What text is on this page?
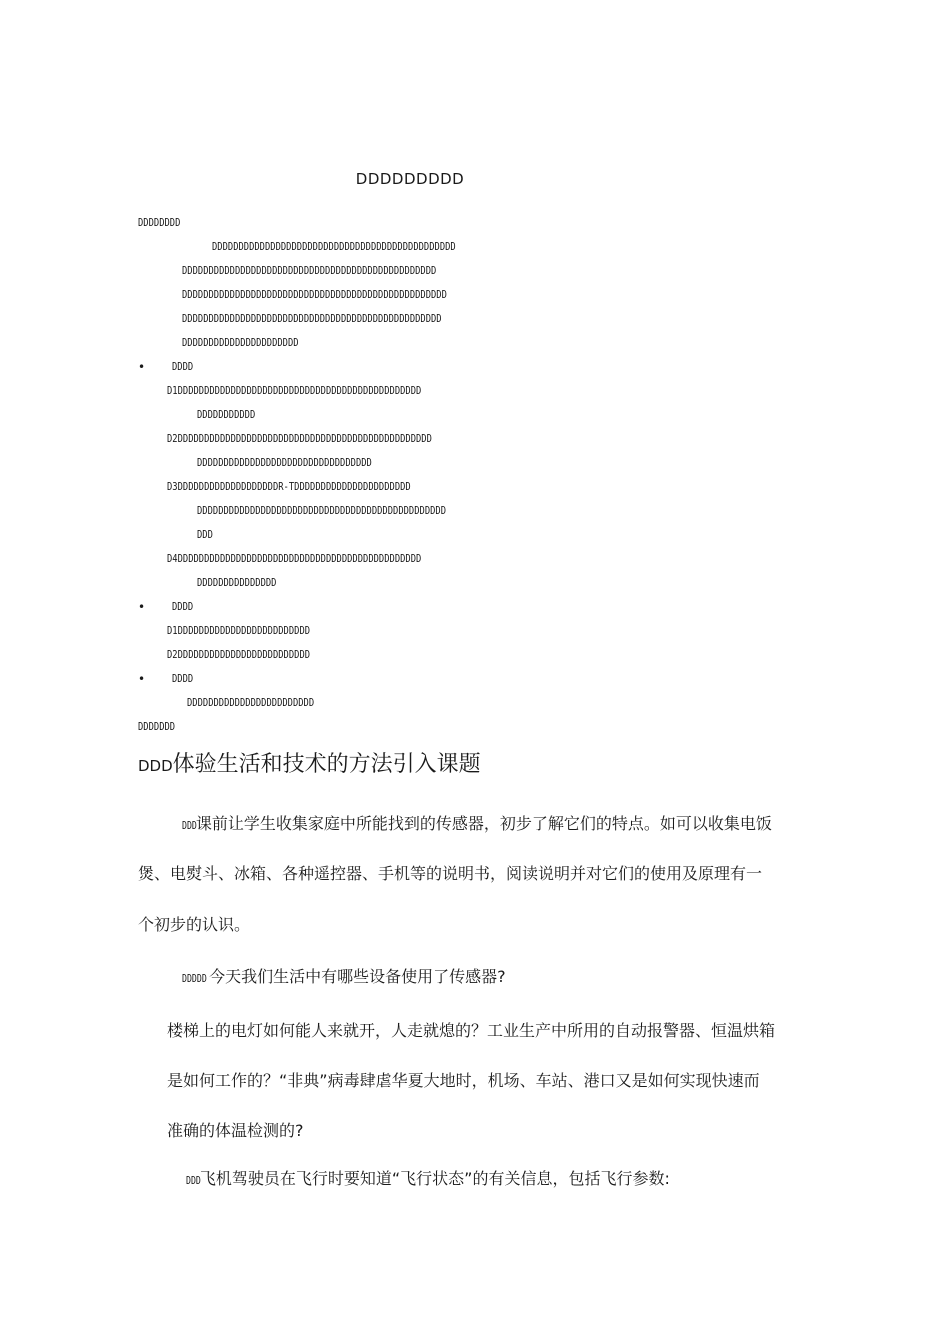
DDDDDDDDD
DDDDDDDD
DDDDDDDDDDDDDDDDDDDDDDDDDDDDDDDDDDDDDDDDDDDDDD
DDDDDDDDDDDDDDDDDDDDDDDDDDDDDDDDDDDDDDDDDDDDDDDD
DDDDDDDDDDDDDDDDDDDDDDDDDDDDDDDDDDDDDDDDDDDDDDDDDD
DDDDDDDDDDDDDDDDDDDDDDDDDDDDDDDDDDDDDDDDDDDDDDDDD
DDDDDDDDDDDDDDDDDDDDDD
• DDDD
D1DDDDDDDDDDDDDDDDDDDDDDDDDDDDDDDDDDDDDDDDDDDDDD
DDDDDDDDDDD
D2DDDDDDDDDDDDDDDDDDDDDDDDDDDDDDDDDDDDDDDDDDDDDDDD
DDDDDDDDDDDDDDDDDDDDDDDDDDDDDDDDD
D3DDDDDDDDDDDDDDDDDDDR-TDDDDDDDDDDDDDDDDDDDDDD
DDDDDDDDDDDDDDDDDDDDDDDDDDDDDDDDDDDDDDDDDDDDDDD
DDD
D4DDDDDDDDDDDDDDDDDDDDDDDDDDDDDDDDDDDDDDDDDDDDDD
DDDDDDDDDDDDDDD
• DDDD
D1DDDDDDDDDDDDDDDDDDDDDDDDD
D2DDDDDDDDDDDDDDDDDDDDDDDDD
• DDDD
DDDDDDDDDDDDDDDDDDDDDDDD
DDDDDDD
DDD体验生活和技术的方法引入课题
DDD课前让学生收集家庭中所能找到的传感器，初步了解它们的特点。如可以收集电饭
煲、电熨斗、冰箱、各种遥控器、手机等的说明书，阅读说明并对它们的使用及原理有一
个初步的认识。
DDDDD 今天我们生活中有哪些设备使用了传感器?
楼梯上的电灯如何能人来就开，人走就熄的？工业生产中所用的自动报警器、恒温烘箱
是如何工作的？“非典”病毒肆虐华夏大地时，机场、车站、港口又是如何实现快速而
准确的体温检测的?
DDD飞机驾驶员在飞行时要知道“飞行状态”的有关信息，包括飞行参数:
